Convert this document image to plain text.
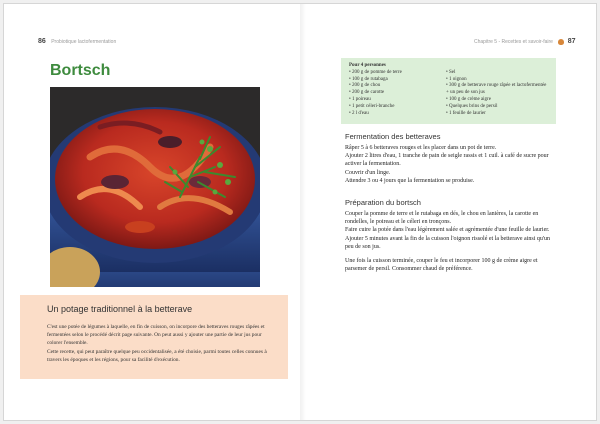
86 Probiotique lactofermentation
Bortsch
Un potage traditionnel à la betterave

C'est une potée de légumes à laquelle, en fin de cuisson, on incorpore des betteraves rouges râpées et fermentées selon le procédé décrit page suivante. On peut aussi y ajouter une partie de leur jus pour colorer l'ensemble.

Cette recette, qui peut paraître quelque peu occidentalisée, a été choisie, parmi toutes celles connues à travers les époques et les régions, pour sa facilité d'exécution.

Chapitre 5 - Recettes et savoir-faire 87
Pour 4 personnes
• 200 g de pomme de terre
• 100 g de rutabaga
• 200 g de chou
• 200 g de carotte
• 1 poireau
• 1 petit céleri-branche
• 2 l d'eau
• Sel
• 1 oignon
• 300 g de betterave rouge râpée et lactofermentée
+ un peu de son jus
• 100 g de crème aigre
• Quelques brins de persil
• 1 feuille de laurier
Fermentation des betteraves

Râper 5 à 6 betteraves rouges et les placer dans un pot de terre.

Ajouter 2 litres d'eau, 1 tranche de pain de seigle rassis et 1 cuil. à café de sucre pour activer la fermentation.

Couvrir d'un linge.

Attendre 3 ou 4 jours que la fermentation se produise.

Préparation du bortsch

Couper la pomme de terre et le rutabaga en dés, le chou en lanières, la carotte en rondelles, le poireau et le céleri en tronçons.

Faire cuire la potée dans l'eau légèrement salée et agrémentée d'une feuille de laurier. Ajouter 5 minutes avant la fin de la cuisson l'oignon rissolé et la betterave ainsi qu'un peu de son jus.

Une fois la cuisson terminée, couper le feu et incorporer 100 g de crème aigre et parsemer de persil. Consommer chaud de préférence.
